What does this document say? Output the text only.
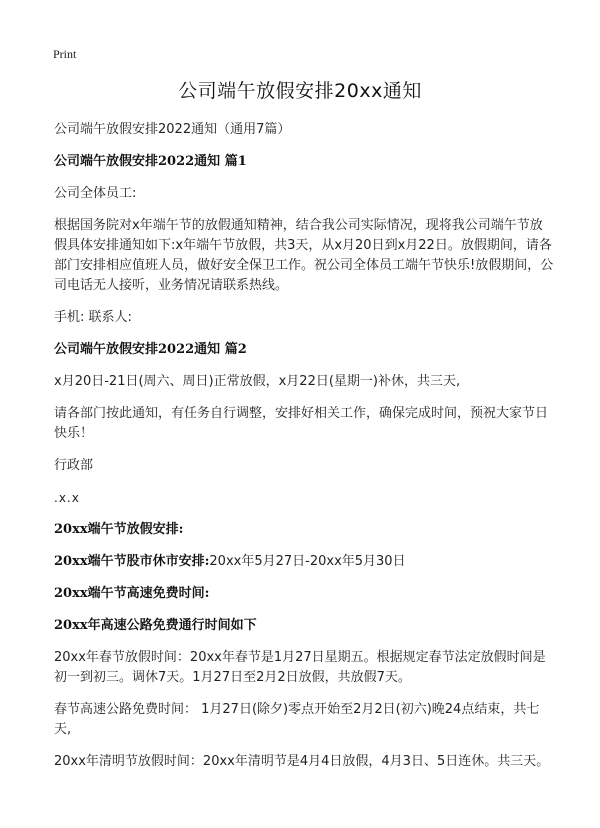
Print
公司端午放假安排20xx通知

公司端午放假安排2022通知（通用7篇）

公司端午放假安排2022通知 篇1

公司全体员工:

根据国务院对x年端午节的放假通知精神，结合我公司实际情况，现将我公司端午节放假具体安排通知如下:x年端午节放假，共3天，从x月20日到x月22日。放假期间，请各部门安排相应值班人员，做好安全保卫工作。祝公司全体员工端午节快乐!放假期间，公司电话无人接听，业务情况请联系热线。

手机: 联系人:

公司端午放假安排2022通知 篇2

x月20日-21日(周六、周日)正常放假，x月22日(星期一)补休，共三天,

请各部门按此通知，有任务自行调整，安排好相关工作，确保完成时间，预祝大家节日快乐！

行政部

.x.x

20xx端午节放假安排:

20xx端午节股市休市安排:20xx年5月27日-20xx年5月30日

20xx端午节高速免费时间:

20xx年高速公路免费通行时间如下

20xx年春节放假时间：20xx年春节是1月27日星期五。根据规定春节法定放假时间是初一到初三。调休7天。1月27日至2月2日放假，共放假7天。

春节高速公路免费时间： 1月27日(除夕)零点开始至2月2日(初六)晚24点结束，共七天,

20xx年清明节放假时间：20xx年清明节是4月4日放假，4月3日、5日连休。共三天。
